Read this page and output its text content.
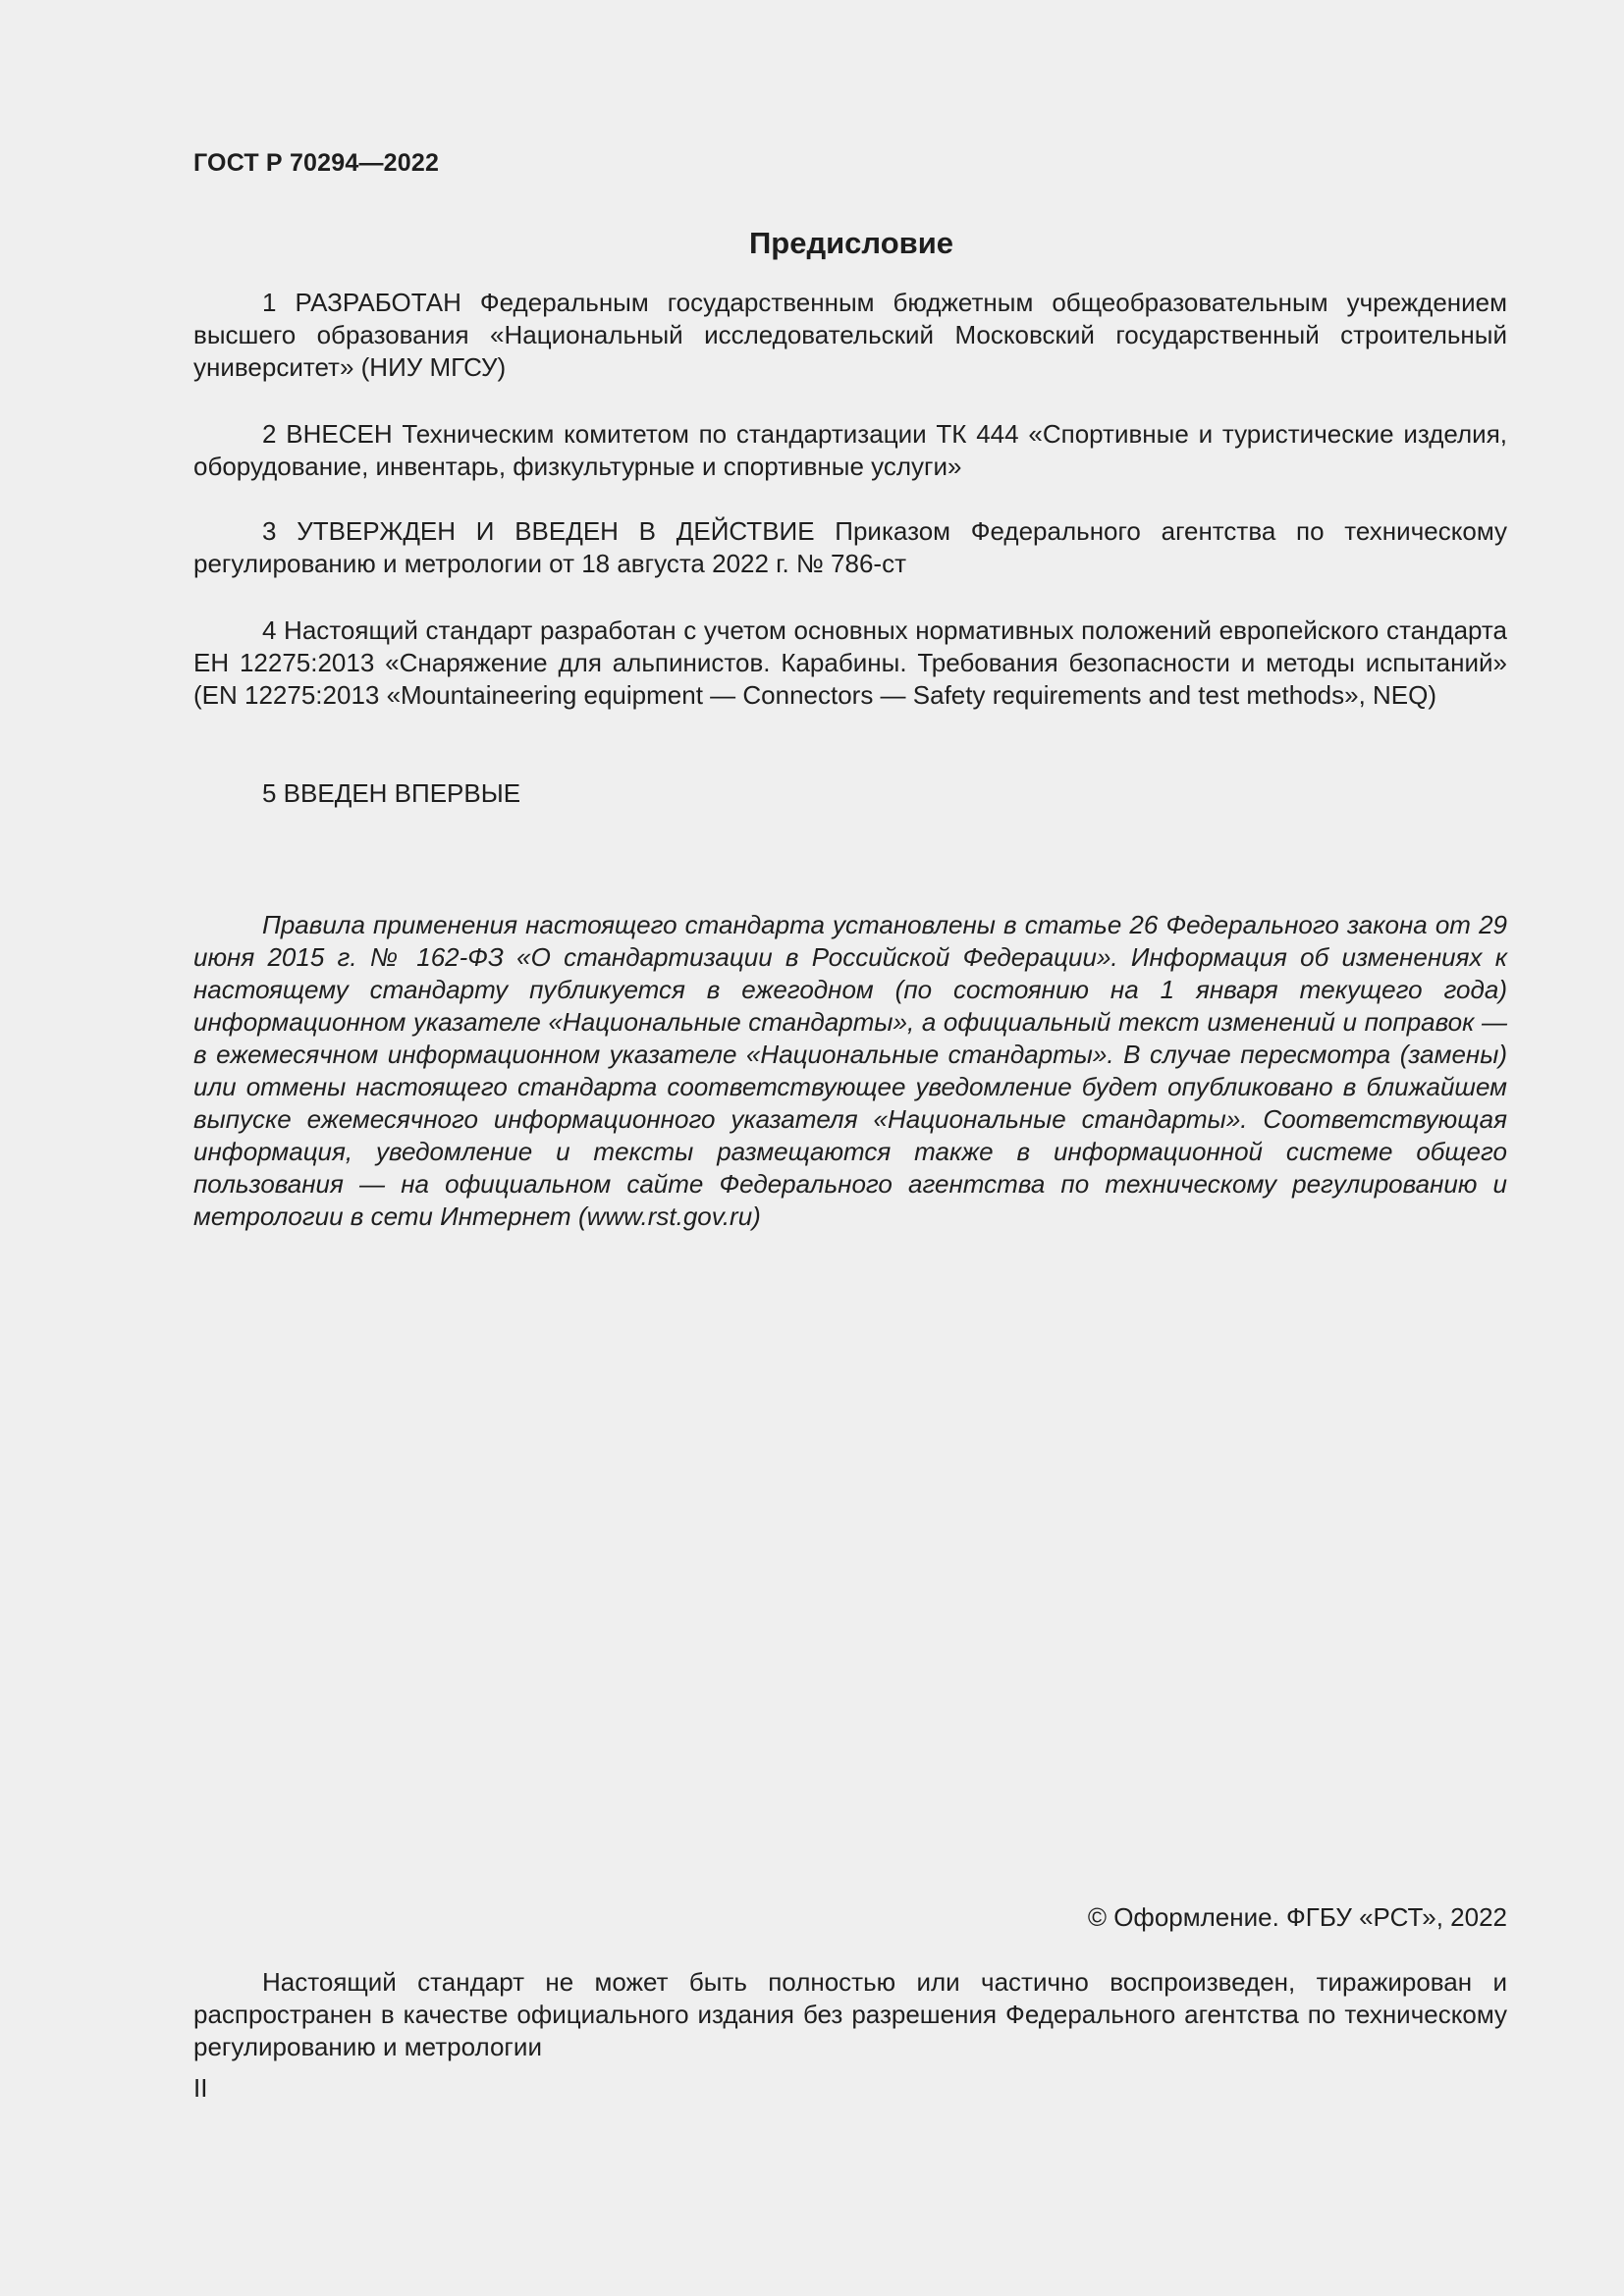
ГОСТ Р 70294—2022
Предисловие

1 РАЗРАБОТАН Федеральным государственным бюджетным общеобразовательным учреждением высшего образования «Национальный исследовательский Московский государственный строительный университет» (НИУ МГСУ)

2 ВНЕСЕН Техническим комитетом по стандартизации ТК 444 «Спортивные и туристические изделия, оборудование, инвентарь, физкультурные и спортивные услуги»

3 УТВЕРЖДЕН И ВВЕДЕН В ДЕЙСТВИЕ Приказом Федерального агентства по техническому регулированию и метрологии от 18 августа 2022 г. № 786-ст

4 Настоящий стандарт разработан с учетом основных нормативных положений европейского стандарта ЕН 12275:2013 «Снаряжение для альпинистов. Карабины. Требования безопасности и методы испытаний» (EN 12275:2013 «Mountaineering equipment — Connectors — Safety requirements and test methods», NEQ)

5 ВВЕДЕН ВПЕРВЫЕ

Правила применения настоящего стандарта установлены в статье 26 Федерального закона от 29 июня 2015 г. № 162-ФЗ «О стандартизации в Российской Федерации». Информация об изменениях к настоящему стандарту публикуется в ежегодном (по состоянию на 1 января текущего года) информационном указателе «Национальные стандарты», а официальный текст изменений и поправок — в ежемесячном информационном указателе «Национальные стандарты». В случае пересмотра (замены) или отмены настоящего стандарта соответствующее уведомление будет опубликовано в ближайшем выпуске ежемесячного информационного указателя «Национальные стандарты». Соответствующая информация, уведомление и тексты размещаются также в информационной системе общего пользования — на официальном сайте Федерального агентства по техническому регулированию и метрологии в сети Интернет (www.rst.gov.ru)

© Оформление. ФГБУ «РСТ», 2022

Настоящий стандарт не может быть полностью или частично воспроизведен, тиражирован и распространен в качестве официального издания без разрешения Федерального агентства по техническому регулированию и метрологии

II
